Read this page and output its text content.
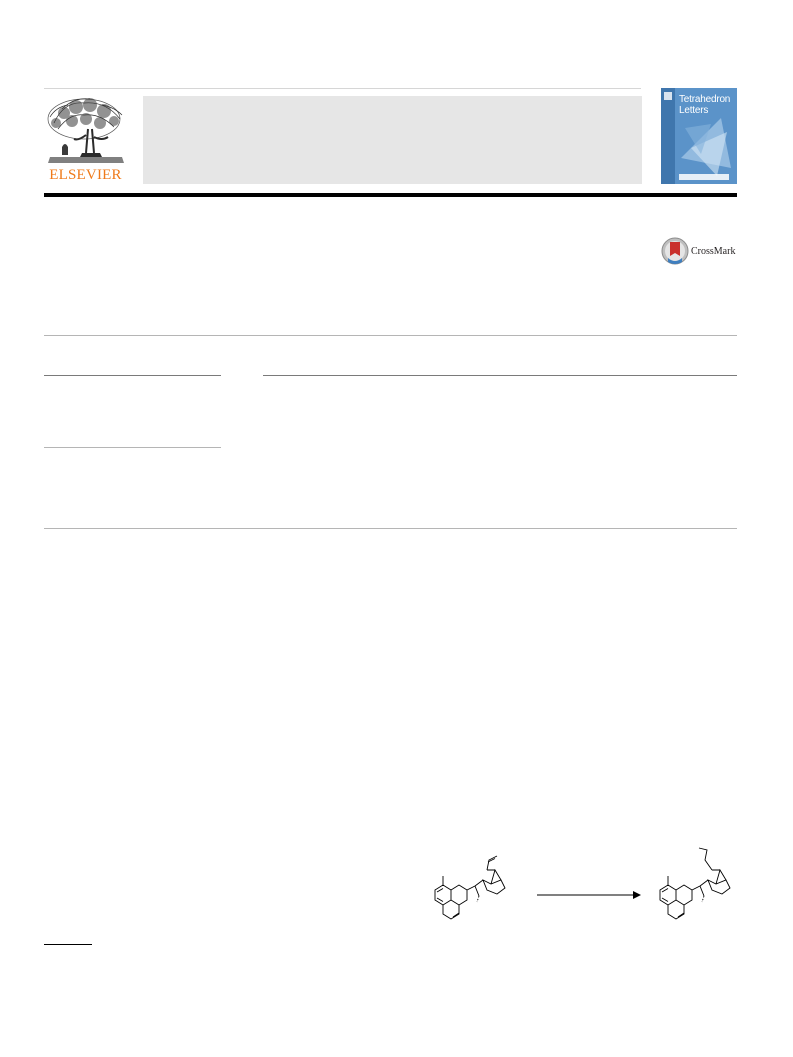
ELSEVIER
Tetrahedron
Letters
CrossMark
